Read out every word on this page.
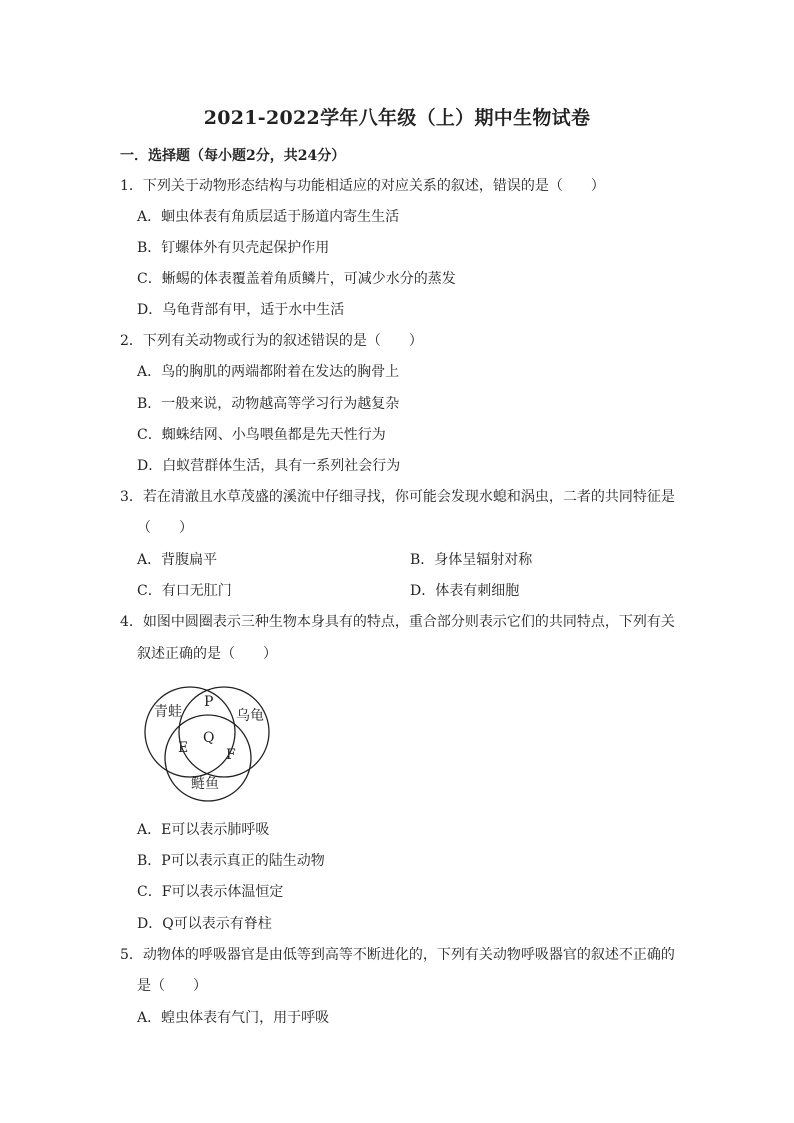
2021-2022学年八年级（上）期中生物试卷
一．选择题（每小题2分，共24分）
1．下列关于动物形态结构与功能相适应的对应关系的叙述，错误的是（　　）
A．蛔虫体表有角质层适于肠道内寄生生活
B．钉螺体外有贝壳起保护作用
C．蜥蜴的体表覆盖着角质鳞片，可减少水分的蒸发
D．乌龟背部有甲，适于水中生活
2．下列有关动物或行为的叙述错误的是（　　）
A．鸟的胸肌的两端都附着在发达的胸骨上
B．一般来说，动物越高等学习行为越复杂
C．蜘蛛结网、小鸟喂鱼都是先天性行为
D．白蚁营群体生活，具有一系列社会行为
3．若在清澈且水草茂盛的溪流中仔细寻找，你可能会发现水螅和涡虫，二者的共同特征是
（　　）
A．背腹扁平	B．身体呈辐射对称
C．有口无肛门	D．体表有刺细胞
4．如图中圆圈表示三种生物本身具有的特点，重合部分则表示它们的共同特点，下列有关
叙述正确的是（　　）
青蛙	乌龟
鲢鱼
P
Q
E	F
A．E可以表示肺呼吸
B．P可以表示真正的陆生动物
C．F可以表示体温恒定
D．Q可以表示有脊柱
5．动物体的呼吸器官是由低等到高等不断进化的，下列有关动物呼吸器官的叙述不正确的
是（　　）
A．蝗虫体表有气门，用于呼吸
